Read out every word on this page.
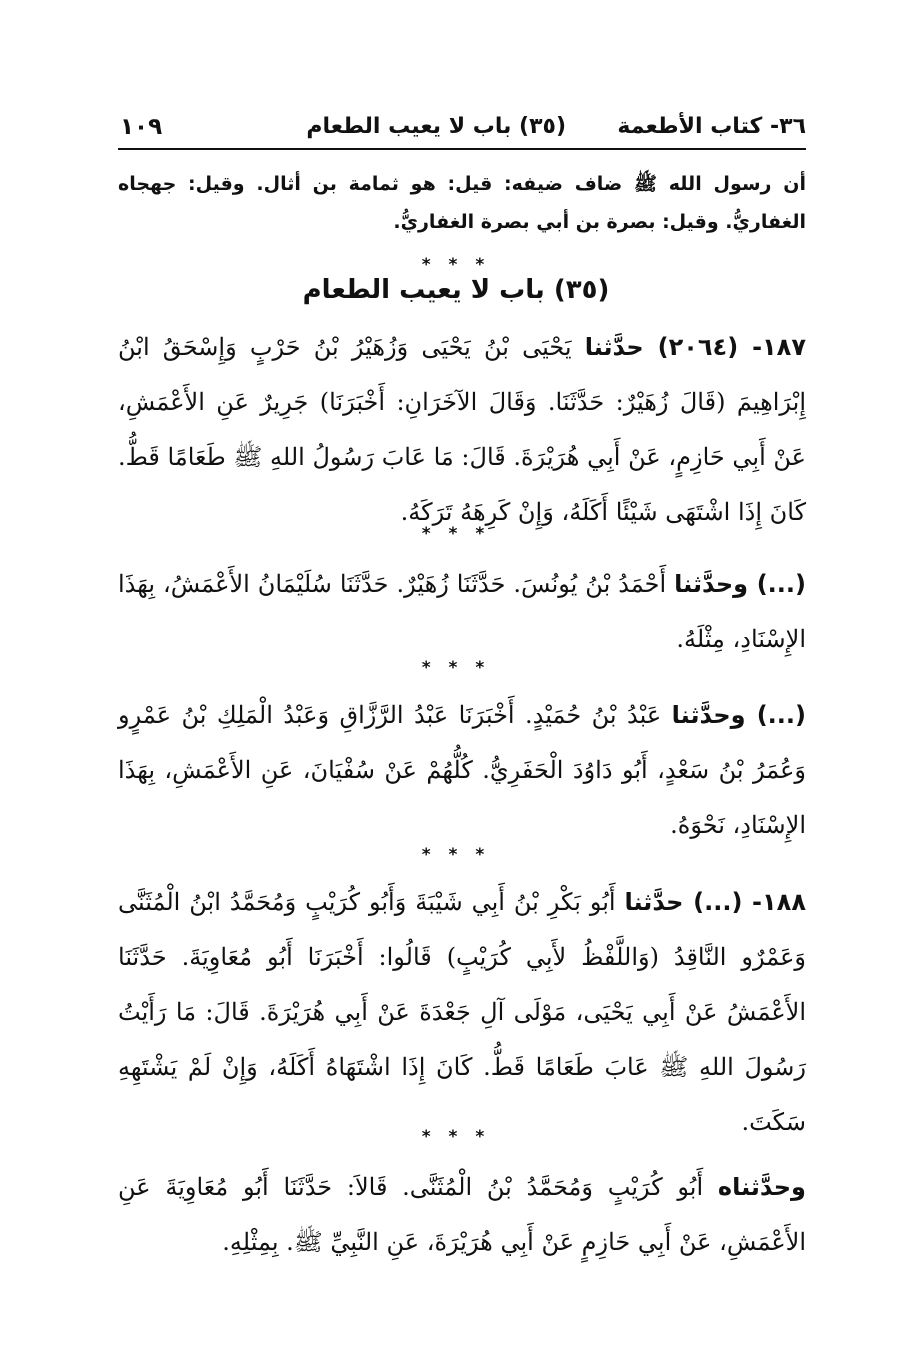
٣٦- كتاب الأطعمة
(٣٥) باب لا يعيب الطعام
١٠٩
أن رسول الله ﷺ ضاف ضيفه: قيل: هو ثمامة بن أثال. وقيل: جهجاه الغفاريُّ. وقيل: بصرة بن أبي بصرة الغفاريُّ.
* * *
(٣٥) باب لا يعيب الطعام
١٨٧- (٢٠٦٤) حدَّثنا يَحْيَى بْنُ يَحْيَى وَزُهَيْرُ بْنُ حَرْبٍ وَإِسْحَقُ ابْنُ إِبْرَاهِيمَ (قَالَ زُهَيْرٌ: حَدَّثَنَا. وَقَالَ الآخَرَانِ: أَخْبَرَنَا) جَرِيرٌ عَنِ الأَعْمَشِ، عَنْ أَبِي حَازِمٍ، عَنْ أَبِي هُرَيْرَةَ. قَالَ: مَا عَابَ رَسُولُ اللهِ ﷺ طَعَامًا قَطُّ. كَانَ إِذَا اشْتَهَى شَيْئًا أَكَلَهُ، وَإِنْ كَرِهَهُ تَرَكَهُ.
* * *
(...) وحدَّثنا أَحْمَدُ بْنُ يُونُسَ. حَدَّثَنَا زُهَيْرٌ. حَدَّثَنَا سُلَيْمَانُ الأَعْمَشُ، بِهَذَا الإِسْنَادِ، مِثْلَهُ.
* * *
(...) وحدَّثنا عَبْدُ بْنُ حُمَيْدٍ. أَخْبَرَنَا عَبْدُ الرَّزَّاقِ وَعَبْدُ الْمَلِكِ بْنُ عَمْرٍو وَعُمَرُ بْنُ سَعْدٍ، أَبُو دَاوُدَ الْحَفَرِيُّ. كُلُّهُمْ عَنْ سُفْيَانَ، عَنِ الأَعْمَشِ، بِهَذَا الإِسْنَادِ، نَحْوَهُ.
* * *
١٨٨- (...) حدَّثنا أَبُو بَكْرِ بْنُ أَبِي شَيْبَةَ وَأَبُو كُرَيْبٍ وَمُحَمَّدُ ابْنُ الْمُثَنَّى وَعَمْرٌو النَّاقِدُ (وَاللَّفْظُ لأَبِي كُرَيْبٍ) قَالُوا: أَخْبَرَنَا أَبُو مُعَاوِيَةَ. حَدَّثَنَا الأَعْمَشُ عَنْ أَبِي يَحْيَى، مَوْلَى آلِ جَعْدَةَ عَنْ أَبِي هُرَيْرَةَ. قَالَ: مَا رَأَيْتُ رَسُولَ اللهِ ﷺ عَابَ طَعَامًا قَطُّ. كَانَ إِذَا اشْتَهَاهُ أَكَلَهُ، وَإِنْ لَمْ يَشْتَهِهِ سَكَتَ.
* * *
وحدَّثناه أَبُو كُرَيْبٍ وَمُحَمَّدُ بْنُ الْمُثَنَّى. قَالاَ: حَدَّثَنَا أَبُو مُعَاوِيَةَ عَنِ الأَعْمَشِ، عَنْ أَبِي حَازِمٍ عَنْ أَبِي هُرَيْرَةَ، عَنِ النَّبِيِّ ﷺ. بِمِثْلِهِ.
